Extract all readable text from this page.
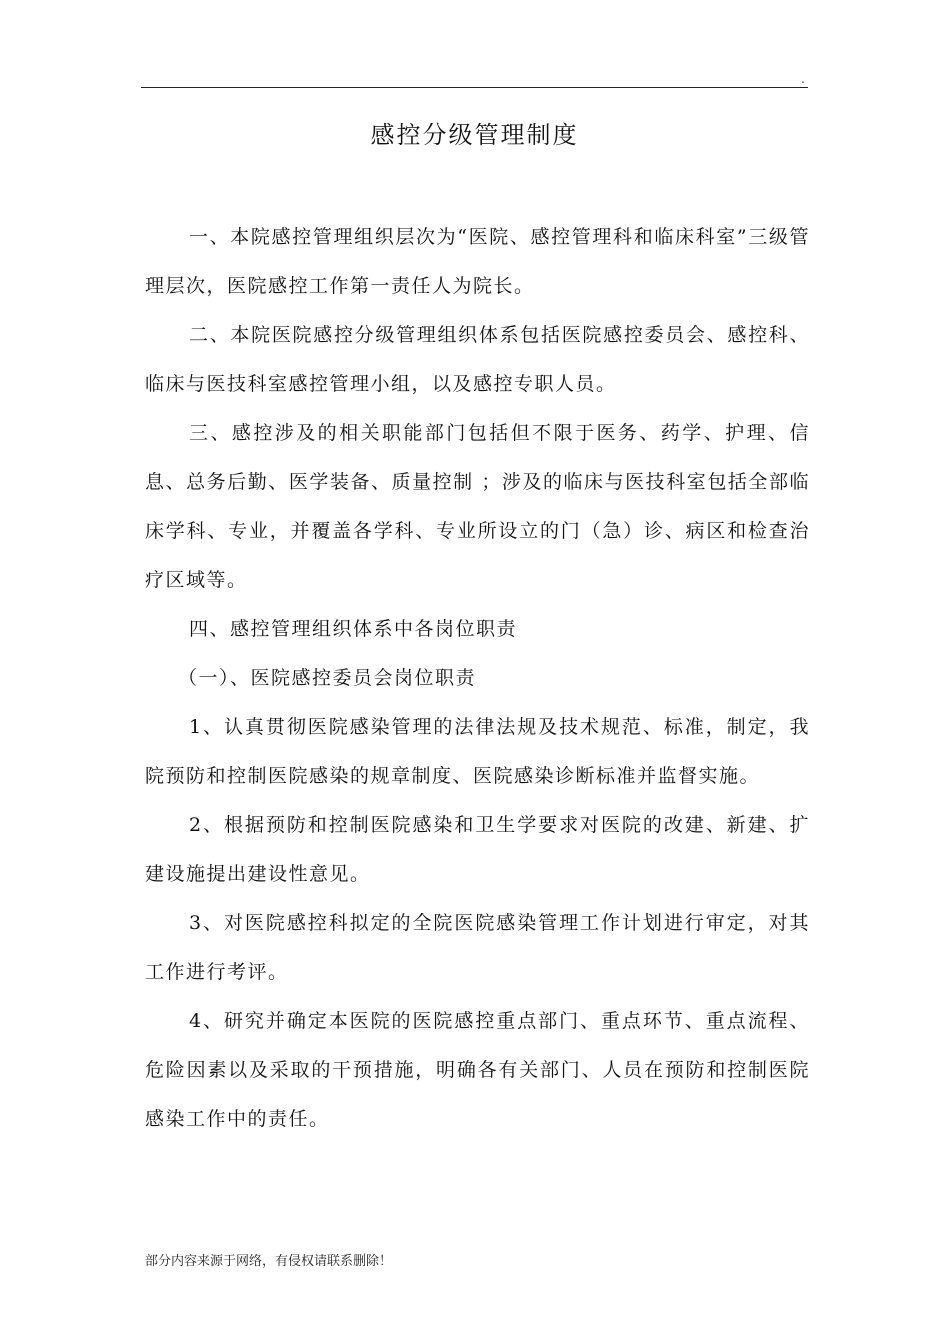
.
感控分级管理制度

一、本院感控管理组织层次为“医院、感控管理科和临床科室”三级管理层次，医院感控工作第一责任人为院长。

二、本院医院感控分级管理组织体系包括医院感控委员会、感控科、临床与医技科室感控管理小组，以及感控专职人员。

三、感控涉及的相关职能部门包括但不限于医务、药学、护理、信息、总务后勤、医学装备、质量控制 ；涉及的临床与医技科室包括全部临床学科、专业，并覆盖各学科、专业所设立的门（急）诊、病区和检查治疗区域等。

四、感控管理组织体系中各岗位职责

（一）、医院感控委员会岗位职责

1、认真贯彻医院感染管理的法律法规及技术规范、标准，制定，我院预防和控制医院感染的规章制度、医院感染诊断标准并监督实施。

2、根据预防和控制医院感染和卫生学要求对医院的改建、新建、扩建设施提出建设性意见。

3、对医院感控科拟定的全院医院感染管理工作计划进行审定，对其工作进行考评。

4、研究并确定本医院的医院感控重点部门、重点环节、重点流程、危险因素以及采取的干预措施，明确各有关部门、人员在预防和控制医院感染工作中的责任。

部分内容来源于网络，有侵权请联系删除！
